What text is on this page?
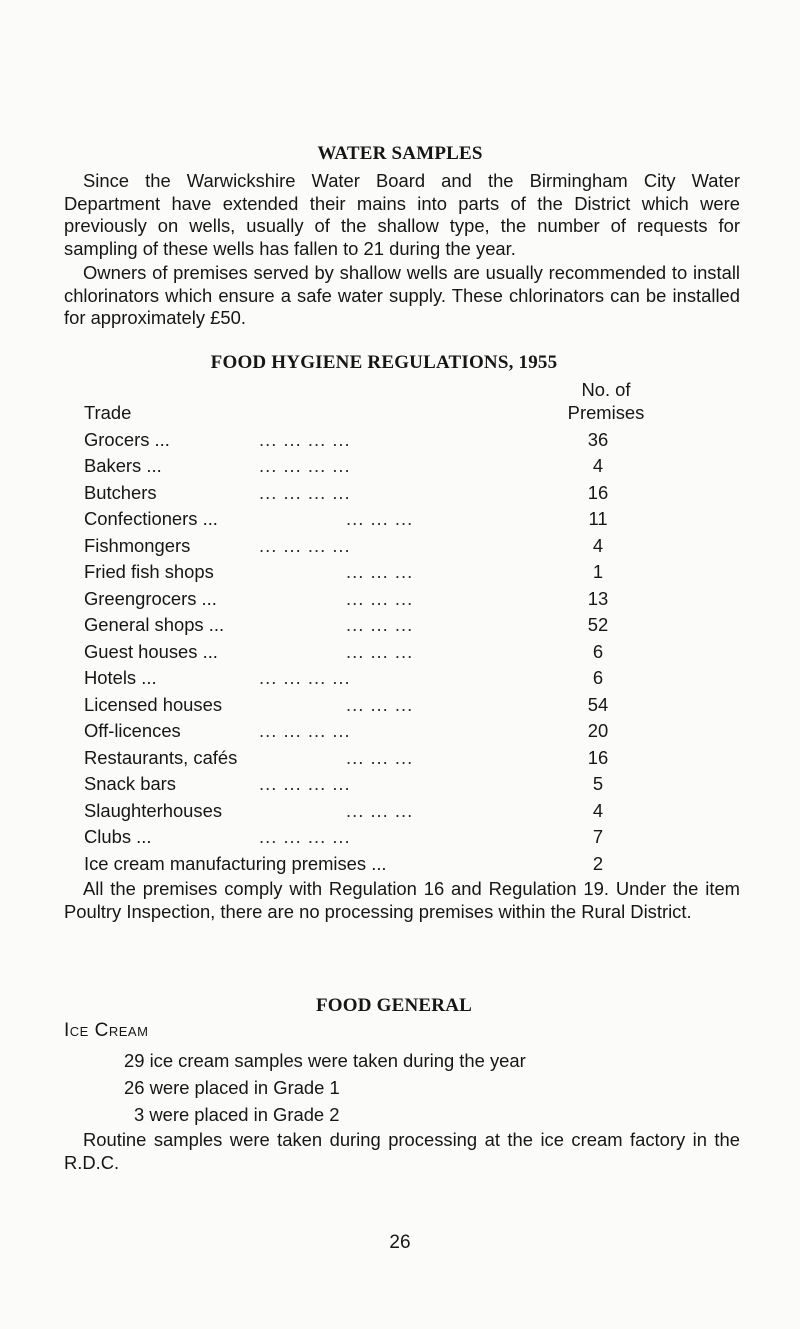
WATER SAMPLES
Since the Warwickshire Water Board and the Birmingham City Water Department have extended their mains into parts of the District which were previously on wells, usually of the shallow type, the number of requests for sampling of these wells has fallen to 21 during the year.
Owners of premises served by shallow wells are usually recommended to install chlorinators which ensure a safe water supply. These chlorinators can be installed for approximately £50.
FOOD HYGIENE REGULATIONS, 1955
Trade
No. of
Premises
Grocers ...	... ... ... ...	36
Bakers ...	... ... ... ...	4
Butchers	... ... ... ...	16
Confectioners ...	... ... ...	11
Fishmongers	... ... ... ...	4
Fried fish shops	... ... ...	1
Greengrocers ...	... ... ...	13
General shops ...	... ... ...	52
Guest houses ...	... ... ...	6
Hotels ...	... ... ... ...	6
Licensed houses	... ... ...	54
Off-licences	... ... ... ...	20
Restaurants, cafés	... ... ...	16
Snack bars	... ... ... ...	5
Slaughterhouses	... ... ...	4
Clubs ...	... ... ... ...	7
Ice cream manufacturing premises ...	2
All the premises comply with Regulation 16 and Regulation 19. Under the item Poultry Inspection, there are no processing premises within the Rural District.
FOOD GENERAL
Ice Cream
29 ice cream samples were taken during the year
26 were placed in Grade 1
3 were placed in Grade 2
Routine samples were taken during processing at the ice cream factory in the R.D.C.
26
